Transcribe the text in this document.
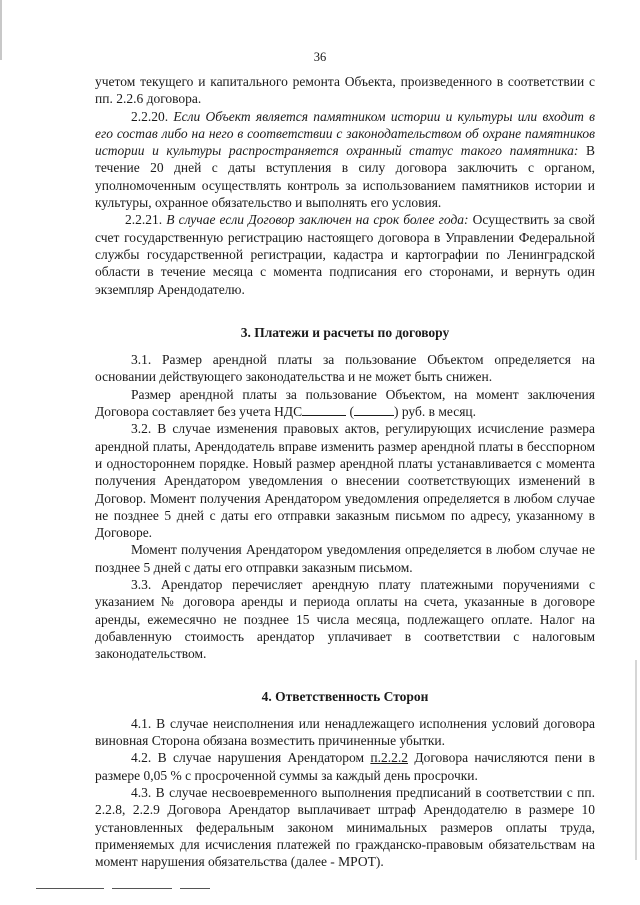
36

учетом текущего и капитального ремонта Объекта, произведенного в соответствии с пп. 2.2.6 договора.

2.2.20. Если Объект является памятником истории и культуры или входит в его состав либо на него в соответствии с законодательством об охране памятников истории и культуры распространяется охранный статус такого памятника: В течение 20 дней с даты вступления в силу договора заключить с органом, уполномоченным осуществлять контроль за использованием памятников истории и культуры, охранное обязательство и выполнять его условия.

2.2.21. В случае если Договор заключен на срок более года: Осуществить за свой счет государственную регистрацию настоящего договора в Управлении Федеральной службы государственной регистрации, кадастра и картографии по Ленинградской области в течение месяца с момента подписания его сторонами, и вернуть один экземпляр Арендодателю.

3. Платежи и расчеты по договору

3.1. Размер арендной платы за пользование Объектом определяется на основании действующего законодательства и не может быть снижен.

Размер арендной платы за пользование Объектом, на момент заключения Договора составляет без учета НДС	(	) руб. в месяц.

3.2. В случае изменения правовых актов, регулирующих исчисление размера арендной платы, Арендодатель вправе изменить размер арендной платы в бесспорном и одностороннем порядке. Новый размер арендной платы устанавливается с момента получения Арендатором уведомления о внесении соответствующих изменений в Договор. Момент получения Арендатором уведомления определяется в любом случае не позднее 5 дней с даты его отправки заказным письмом по адресу, указанному в Договоре.

Момент получения Арендатором уведомления определяется в любом случае не позднее 5 дней с даты его отправки заказным письмом.

3.3. Арендатор перечисляет арендную плату платежными поручениями с указанием № договора аренды и периода оплаты на счета, указанные в договоре аренды, ежемесячно не позднее 15 числа месяца, подлежащего оплате. Налог на добавленную стоимость арендатор уплачивает в соответствии с налоговым законодательством.

4. Ответственность Сторон

4.1. В случае неисполнения или ненадлежащего исполнения условий договора виновная Сторона обязана возместить причиненные убытки.

4.2. В случае нарушения Арендатором п.2.2.2 Договора начисляются пени в размере 0,05 % с просроченной суммы за каждый день просрочки.

4.3. В случае несвоевременного выполнения предписаний в соответствии с пп. 2.2.8, 2.2.9 Договора Арендатор выплачивает штраф Арендодателю в размере 10 установленных федеральным законом минимальных размеров оплаты труда, применяемых для исчисления платежей по гражданско-правовым обязательствам на момент нарушения обязательства (далее - МРОТ).
